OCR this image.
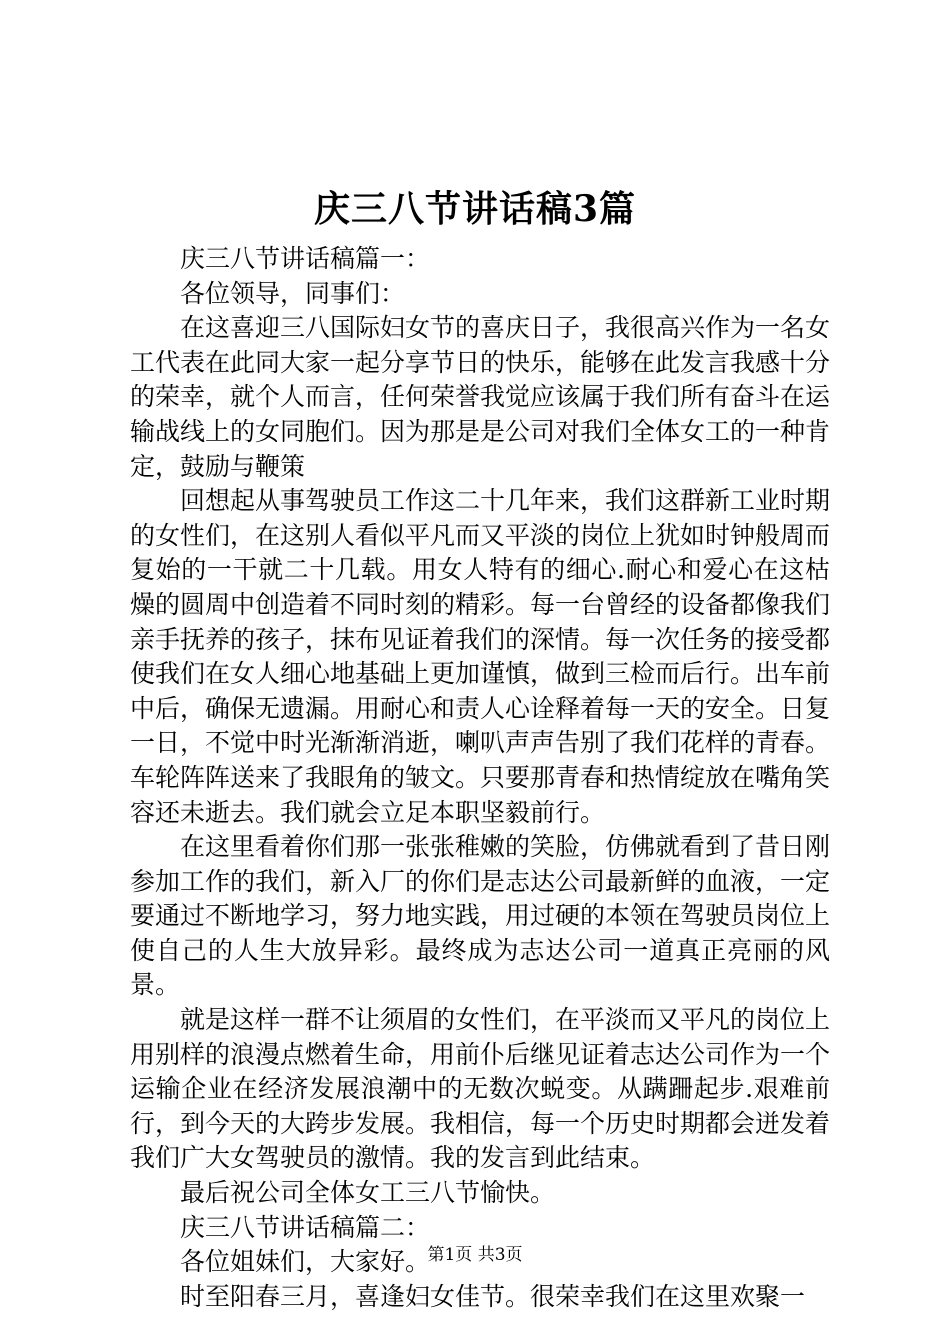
庆三八节讲话稿3篇

庆三八节讲话稿篇一：

各位领导，同事们：

在这喜迎三八国际妇女节的喜庆日子，我很高兴作为一名女工代表在此同大家一起分享节日的快乐，能够在此发言我感十分的荣幸，就个人而言，任何荣誉我觉应该属于我们所有奋斗在运输战线上的女同胞们。因为那是是公司对我们全体女工的一种肯定，鼓励与鞭策

回想起从事驾驶员工作这二十几年来，我们这群新工业时期的女性们，在这别人看似平凡而又平淡的岗位上犹如时钟般周而复始的一干就二十几载。用女人特有的细心.耐心和爱心在这枯燥的圆周中创造着不同时刻的精彩。每一台曾经的设备都像我们亲手抚养的孩子，抹布见证着我们的深情。每一次任务的接受都使我们在女人细心地基础上更加谨慎，做到三检而后行。出车前中后，确保无遗漏。用耐心和责人心诠释着每一天的安全。日复一日，不觉中时光渐渐消逝，喇叭声声告别了我们花样的青春。车轮阵阵送来了我眼角的皱文。只要那青春和热情绽放在嘴角笑容还未逝去。我们就会立足本职坚毅前行。

在这里看着你们那一张张稚嫩的笑脸，仿佛就看到了昔日刚参加工作的我们，新入厂的你们是志达公司最新鲜的血液，一定要通过不断地学习，努力地实践，用过硬的本领在驾驶员岗位上使自己的人生大放异彩。最终成为志达公司一道真正亮丽的风景。

就是这样一群不让须眉的女性们，在平淡而又平凡的岗位上用别样的浪漫点燃着生命，用前仆后继见证着志达公司作为一个运输企业在经济发展浪潮中的无数次蜕变。从蹒跚起步.艰难前行，到今天的大跨步发展。我相信，每一个历史时期都会迸发着我们广大女驾驶员的激情。我的发言到此结束。

最后祝公司全体女工三八节愉快。

庆三八节讲话稿篇二：

各位姐妹们，大家好。

时至阳春三月，喜逢妇女佳节。很荣幸我们在这里欢聚一

第1页 共3页
